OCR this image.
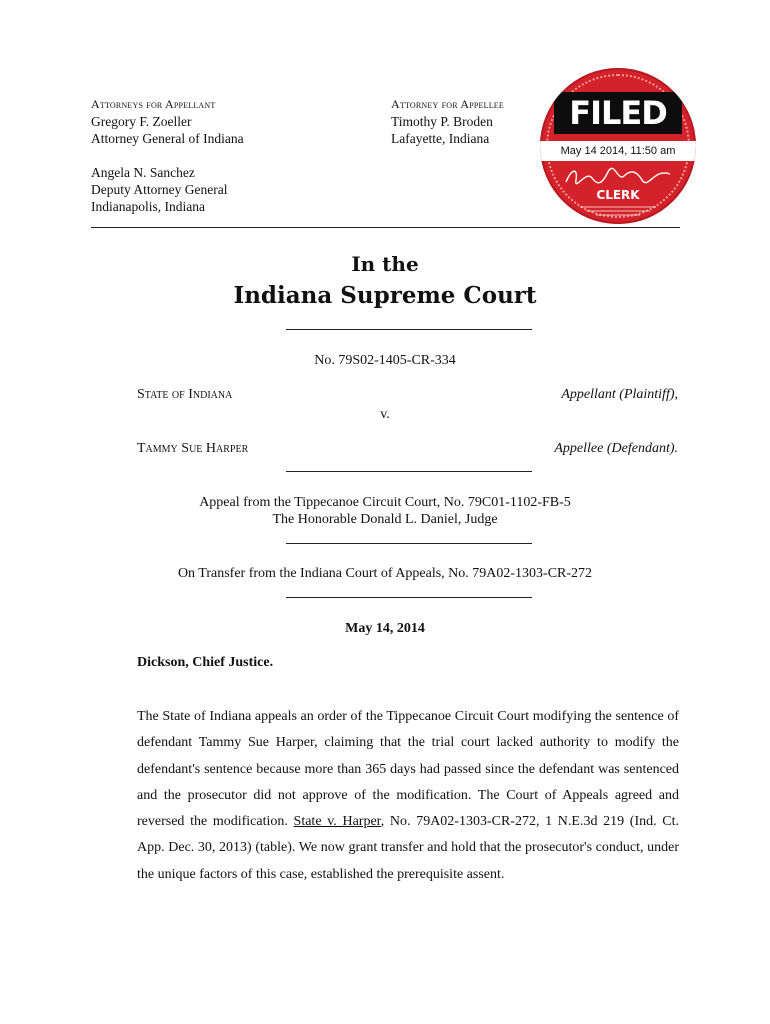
Attorneys for Appellant
Gregory F. Zoeller
Attorney General of Indiana
Angela N. Sanchez
Deputy Attorney General
Indianapolis, Indiana
Attorney for Appellee
Timothy P. Broden
Lafayette, Indiana
FILED
May 14 2014, 11:50 am
CLERK
In the
Indiana Supreme Court
No. 79S02-1405-CR-334
State of Indiana	Appellant (Plaintiff),
v.
Tammy Sue Harper	Appellee (Defendant).
Appeal from the Tippecanoe Circuit Court, No. 79C01-1102-FB-5
The Honorable Donald L. Daniel, Judge
On Transfer from the Indiana Court of Appeals, No. 79A02-1303-CR-272
May 14, 2014
Dickson, Chief Justice.
The State of Indiana appeals an order of the Tippecanoe Circuit Court modifying the sentence of defendant Tammy Sue Harper, claiming that the trial court lacked authority to modify the defendant's sentence because more than 365 days had passed since the defendant was sentenced and the prosecutor did not approve of the modification. The Court of Appeals agreed and reversed the modification. State v. Harper, No. 79A02-1303-CR-272, 1 N.E.3d 219 (Ind. Ct. App. Dec. 30, 2013) (table). We now grant transfer and hold that the prosecutor's conduct, under the unique factors of this case, established the prerequisite assent.
